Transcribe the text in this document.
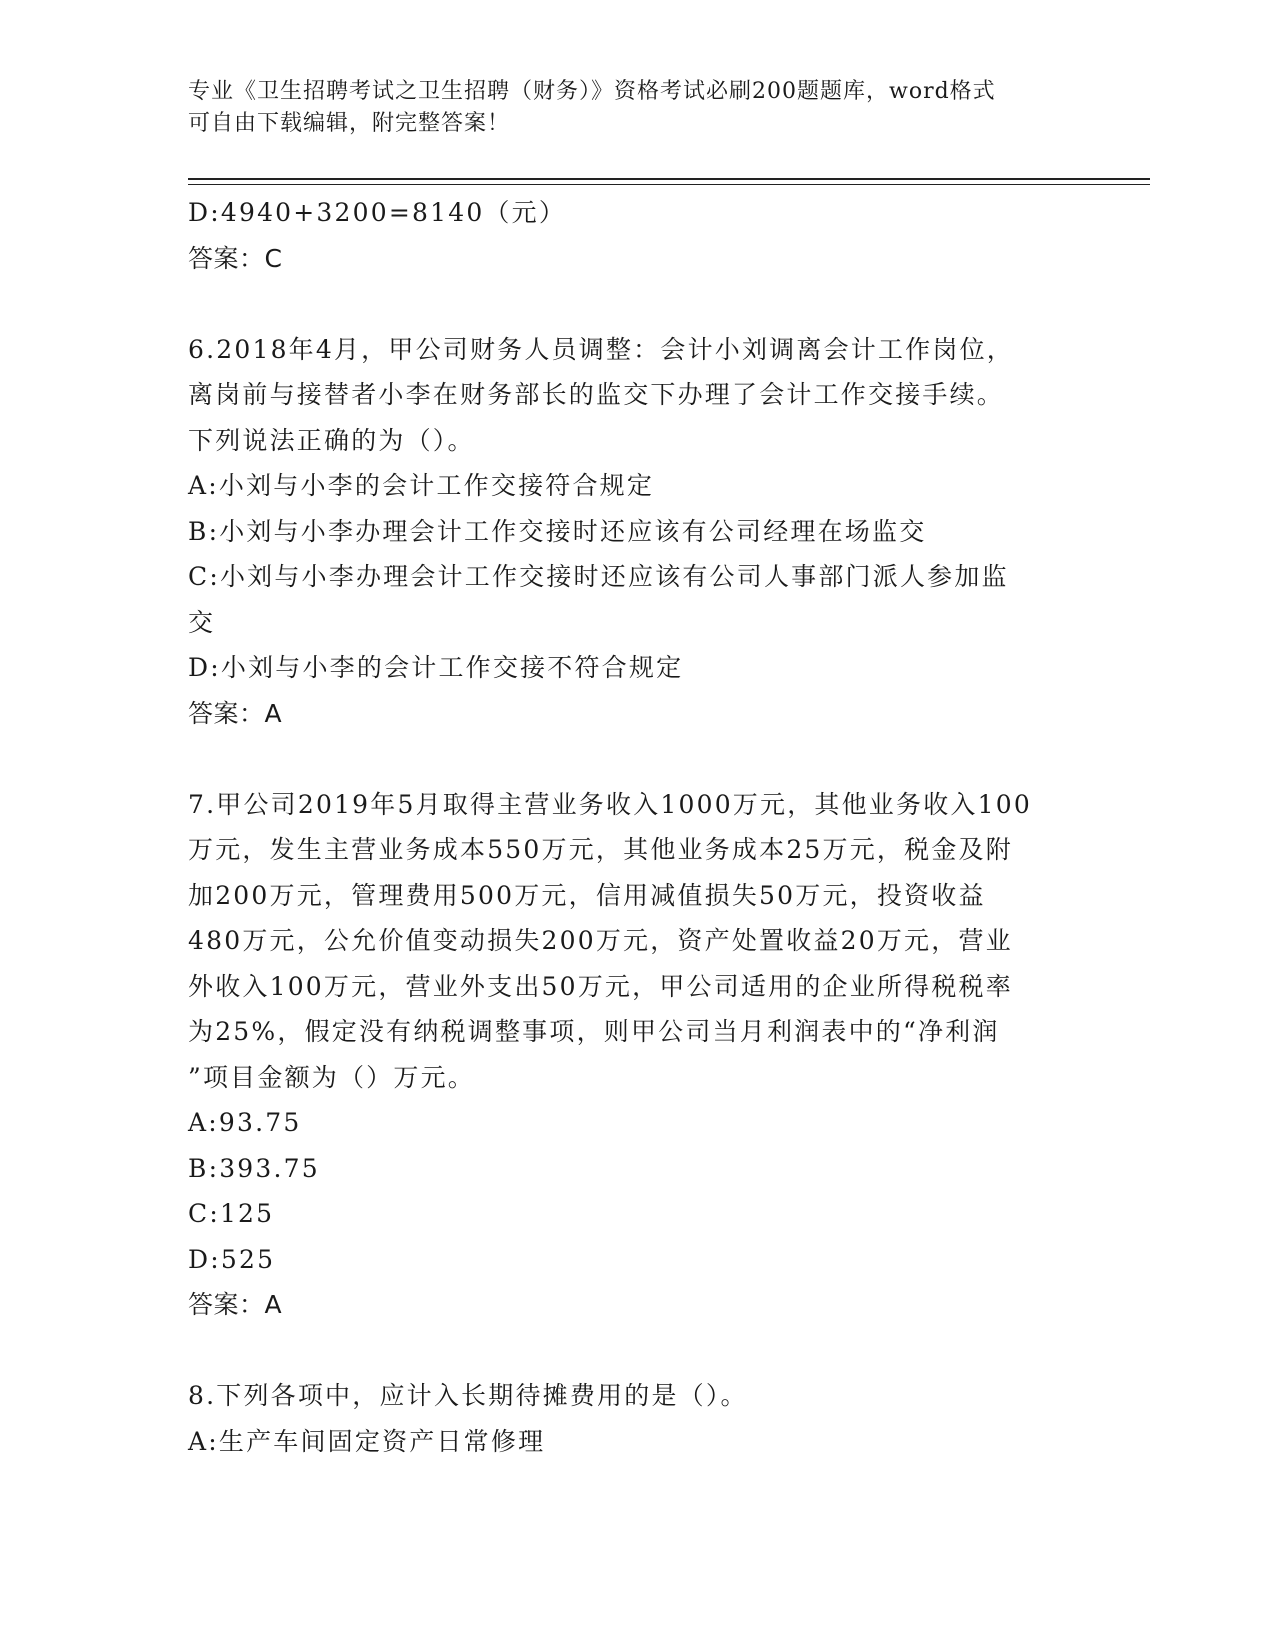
专业《卫生招聘考试之卫生招聘（财务）》资格考试必刷200题题库，word格式
可自由下载编辑，附完整答案！
D:4940+3200=8140（元）
答案：C
6.2018年4月，甲公司财务人员调整：会计小刘调离会计工作岗位，
离岗前与接替者小李在财务部长的监交下办理了会计工作交接手续。
下列说法正确的为（）。
A:小刘与小李的会计工作交接符合规定
B:小刘与小李办理会计工作交接时还应该有公司经理在场监交
C:小刘与小李办理会计工作交接时还应该有公司人事部门派人参加监
交
D:小刘与小李的会计工作交接不符合规定
答案：A
7.甲公司2019年5月取得主营业务收入1000万元，其他业务收入100
万元，发生主营业务成本550万元，其他业务成本25万元，税金及附
加200万元，管理费用500万元，信用减值损失50万元，投资收益
480万元，公允价值变动损失200万元，资产处置收益20万元，营业
外收入100万元，营业外支出50万元，甲公司适用的企业所得税税率
为25%，假定没有纳税调整事项，则甲公司当月利润表中的“净利润
”项目金额为（）万元。
A:93.75
B:393.75
C:125
D:525
答案：A
8.下列各项中，应计入长期待摊费用的是（）。
A:生产车间固定资产日常修理
